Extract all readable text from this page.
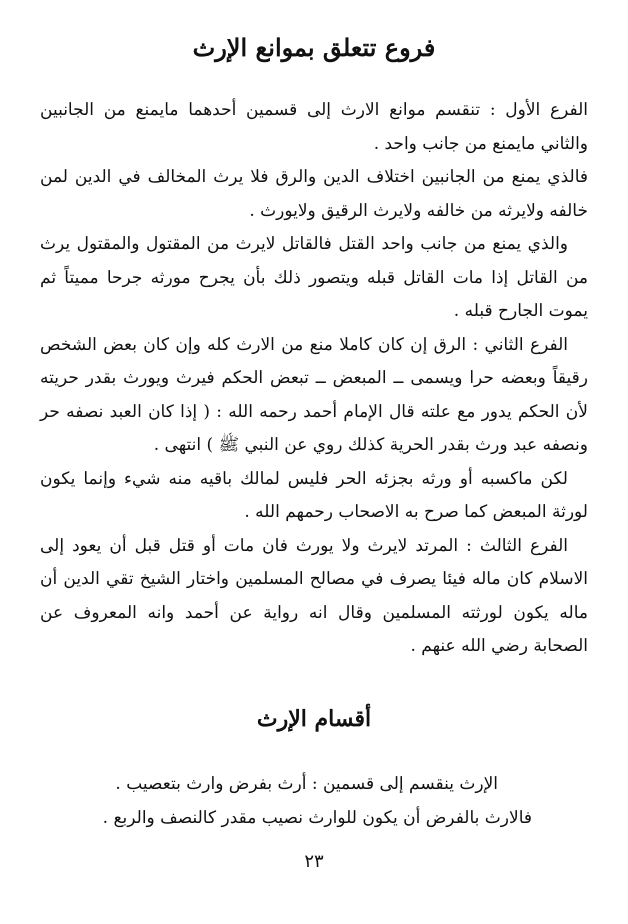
فروع تتعلق بموانع الإرث

الفرع الأول : تنقسم موانع الارث إلى قسمين أحدهما مايمنع من الجانبين والثاني مايمنع من جانب واحد .

فالذي يمنع من الجانبين اختلاف الدين والرق فلا يرث المخالف في الدين لمن خالفه ولايرثه من خالفه ولايرث الرقيق ولايورث .

والذي يمنع من جانب واحد القتل فالقاتل لايرث من المقتول والمقتول يرث من القاتل إذا مات القاتل قبله ويتصور ذلك بأن يجرح مورثه جرحا مميتاً ثم يموت الجارح قبله .

الفرع الثاني : الرق إن كان كاملا منع من الارث كله وإن كان بعض الشخص رقيقاً وبعضه حرا ويسمى ــ المبعض ــ تبعض الحكم فيرث ويورث بقدر حريته لأن الحكم يدور مع علته قال الإمام أحمد رحمه الله : ( إذا كان العبد نصفه حر ونصفه عبد ورث بقدر الحرية كذلك روي عن النبي ﷺ ) انتهى .

لكن ماكسبه أو ورثه بجزئه الحر فليس لمالك باقيه منه شيء وإنما يكون لورثة المبعض كما صرح به الاصحاب رحمهم الله .

الفرع الثالث : المرتد لايرث ولا يورث فان مات أو قتل قبل أن يعود إلى الاسلام كان ماله فيئا يصرف في مصالح المسلمين واختار الشيخ تقي الدين أن ماله يكون لورثته المسلمين وقال انه رواية عن أحمد وانه المعروف عن الصحابة رضي الله عنهم .

أقسام الإرث

الإرث ينقسم إلى قسمين : أرث بفرض وارث بتعصيب .

فالارث بالفرض أن يكون للوارث نصيب مقدر كالنصف والربع .

٢٣
